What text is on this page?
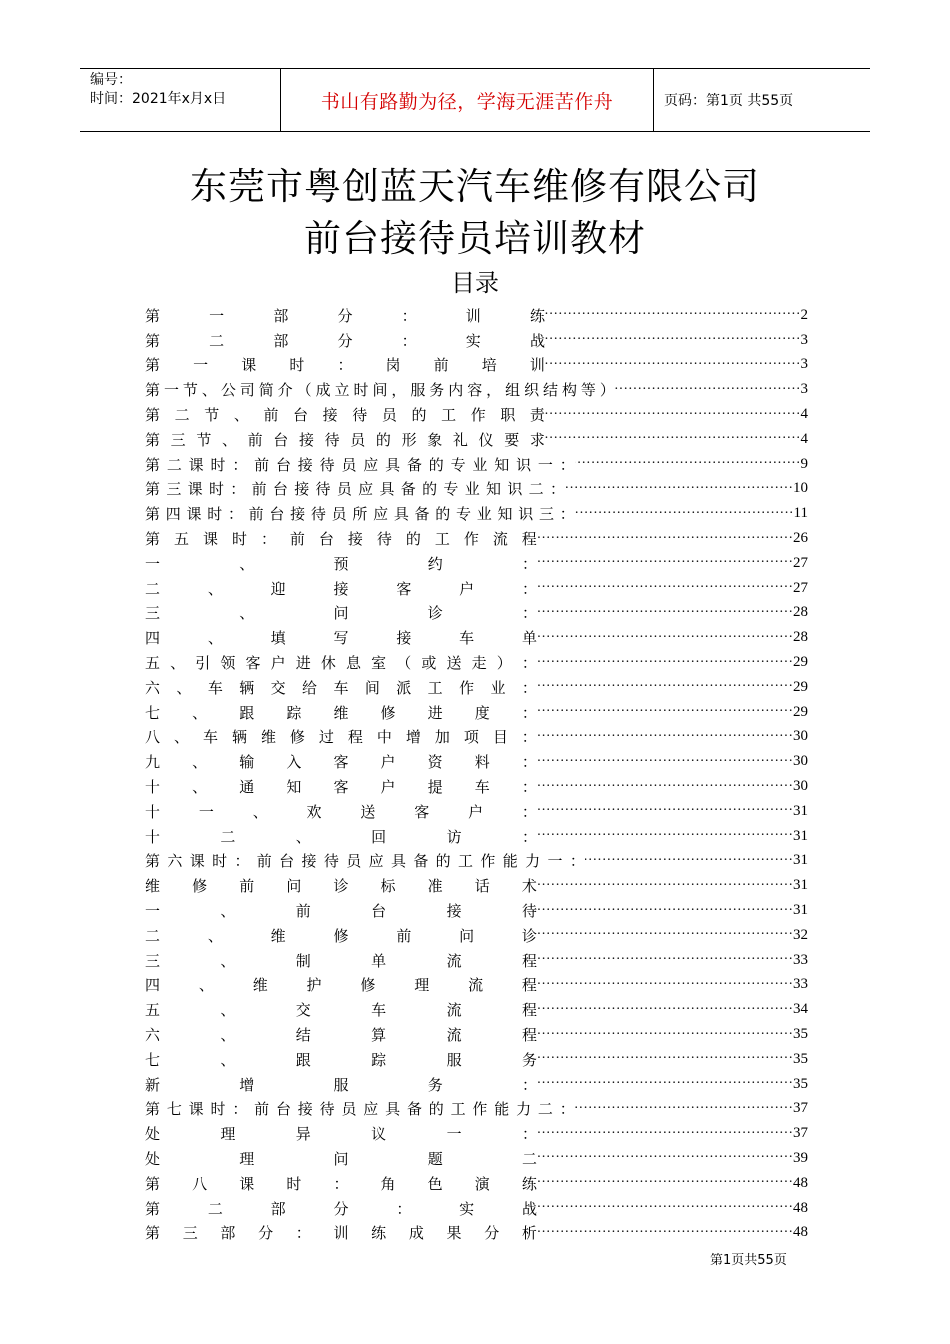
编号：
时间：2021年x月x日	书山有路勤为径，学海无涯苦作舟	页码：第1页 共55页
东莞市粤创蓝天汽车维修有限公司
前台接待员培训教材
目录
第	一	部	分	：	训	练 ·····	2
第	二	部	分	：	实	战 ·····	3
第 一 课 时 ： 岗 前 培 训 ·····	3
第 一 节 、 公 司 简 介 （ 成 立 时 间 ， 服 务 内 容 ， 组 织 结 构 等 ） ·····	3
第 二 节 、 前 台 接 待 员 的 工 作 职 责 ·····	4
第 三 节 、 前 台 接 待 员 的 形 象 礼 仪 要 求 ·····	4
第 二 课 时 ： 前 台 接 待 员 应 具 备 的 专 业 知 识 一 ： ·····	9
第 三 课 时 ： 前 台 接 待 员 应 具 备 的 专 业 知 识 二 ： ·····	10
第 四 课 时 ： 前 台 接 待 员 所 应 具 备 的 专 业 知 识 三 ： ·····	11
第 五 课 时 ： 前 台 接 待 的 工 作 流 程 ·····	26
一	、	预	约	： ·····	27
二	、	迎	接	客	户	： ·····	27
三	、	问	诊	： ·····	28
四	、	填	写	接	车	单 ·····	28
五 、 引 领 客 户 进 休 息 室 （ 或 送 走 ） ： ·····	29
六 、 车 辆 交 给 车 间 派 工 作 业 ： ·····	29
七 、 跟 踪 维 修 进 度 ： ·····	29
八 、 车 辆 维 修 过 程 中 增 加 项 目 ： ·····	30
九 、 输 入 客 户 资 料 ： ·····	30
十 、 通 知 客 户 提 车 ： ·····	30
十	一	、	欢	送	客	户	： ·····	31
十	二	、	回	访	： ·····	31
第 六 课 时 ： 前 台 接 待 员 应 具 备 的 工 作 能 力 一 ： ·····	31
维 修 前 问 诊 标 准 话 术 ·····	31
一	、	前	台	接	待 ·····	31
二	、	维	修	前	问	诊 ·····	32
三	、	制	单	流	程 ·····	33
四	、	维	护	修	理	流	程 ·····	33
五	、	交	车	流	程 ·····	34
六	、	结	算	流	程 ·····	35
七	、	跟	踪	服	务 ·····	35
新	增	服	务	： ·····	35
第 七 课 时 ： 前 台 接 待 员 应 具 备 的 工 作 能 力 二 ： ·····	37
处	理	异	议	一	： ·····	37
处	理	问	题	二 ·····	39
第 八 课 时 ： 角 色 演 练 ·····	48
第	二	部	分	：	实	战 ·····	48
第 三 部 分 ： 训 练 成 果 分 析 ·····	48
第1页共55页
